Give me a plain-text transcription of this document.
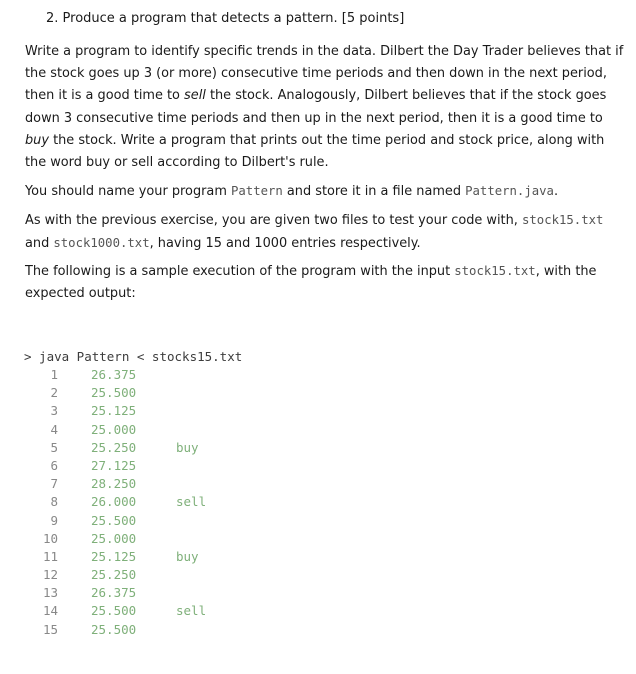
2. Produce a program that detects a pattern. [5 points]
Write a program to identify specific trends in the data. Dilbert the Day Trader believes that if the stock goes up 3 (or more) consecutive time periods and then down in the next period, then it is a good time to sell the stock. Analogously, Dilbert believes that if the stock goes down 3 consecutive time periods and then up in the next period, then it is a good time to buy the stock. Write a program that prints out the time period and stock price, along with the word buy or sell according to Dilbert's rule.
You should name your program Pattern and store it in a file named Pattern.java.
As with the previous exercise, you are given two files to test your code with, stock15.txt and stock1000.txt, having 15 and 1000 entries respectively.
The following is a sample execution of the program with the input stock15.txt, with the expected output:
> java Pattern < stocks15.txt
1	26.375
2	25.500
3	25.125
4	25.000
5	25.250	buy
6	27.125
7	28.250
8	26.000	sell
9	25.500
10	25.000
11	25.125	buy
12	25.250
13	26.375
14	25.500	sell
15	25.500
